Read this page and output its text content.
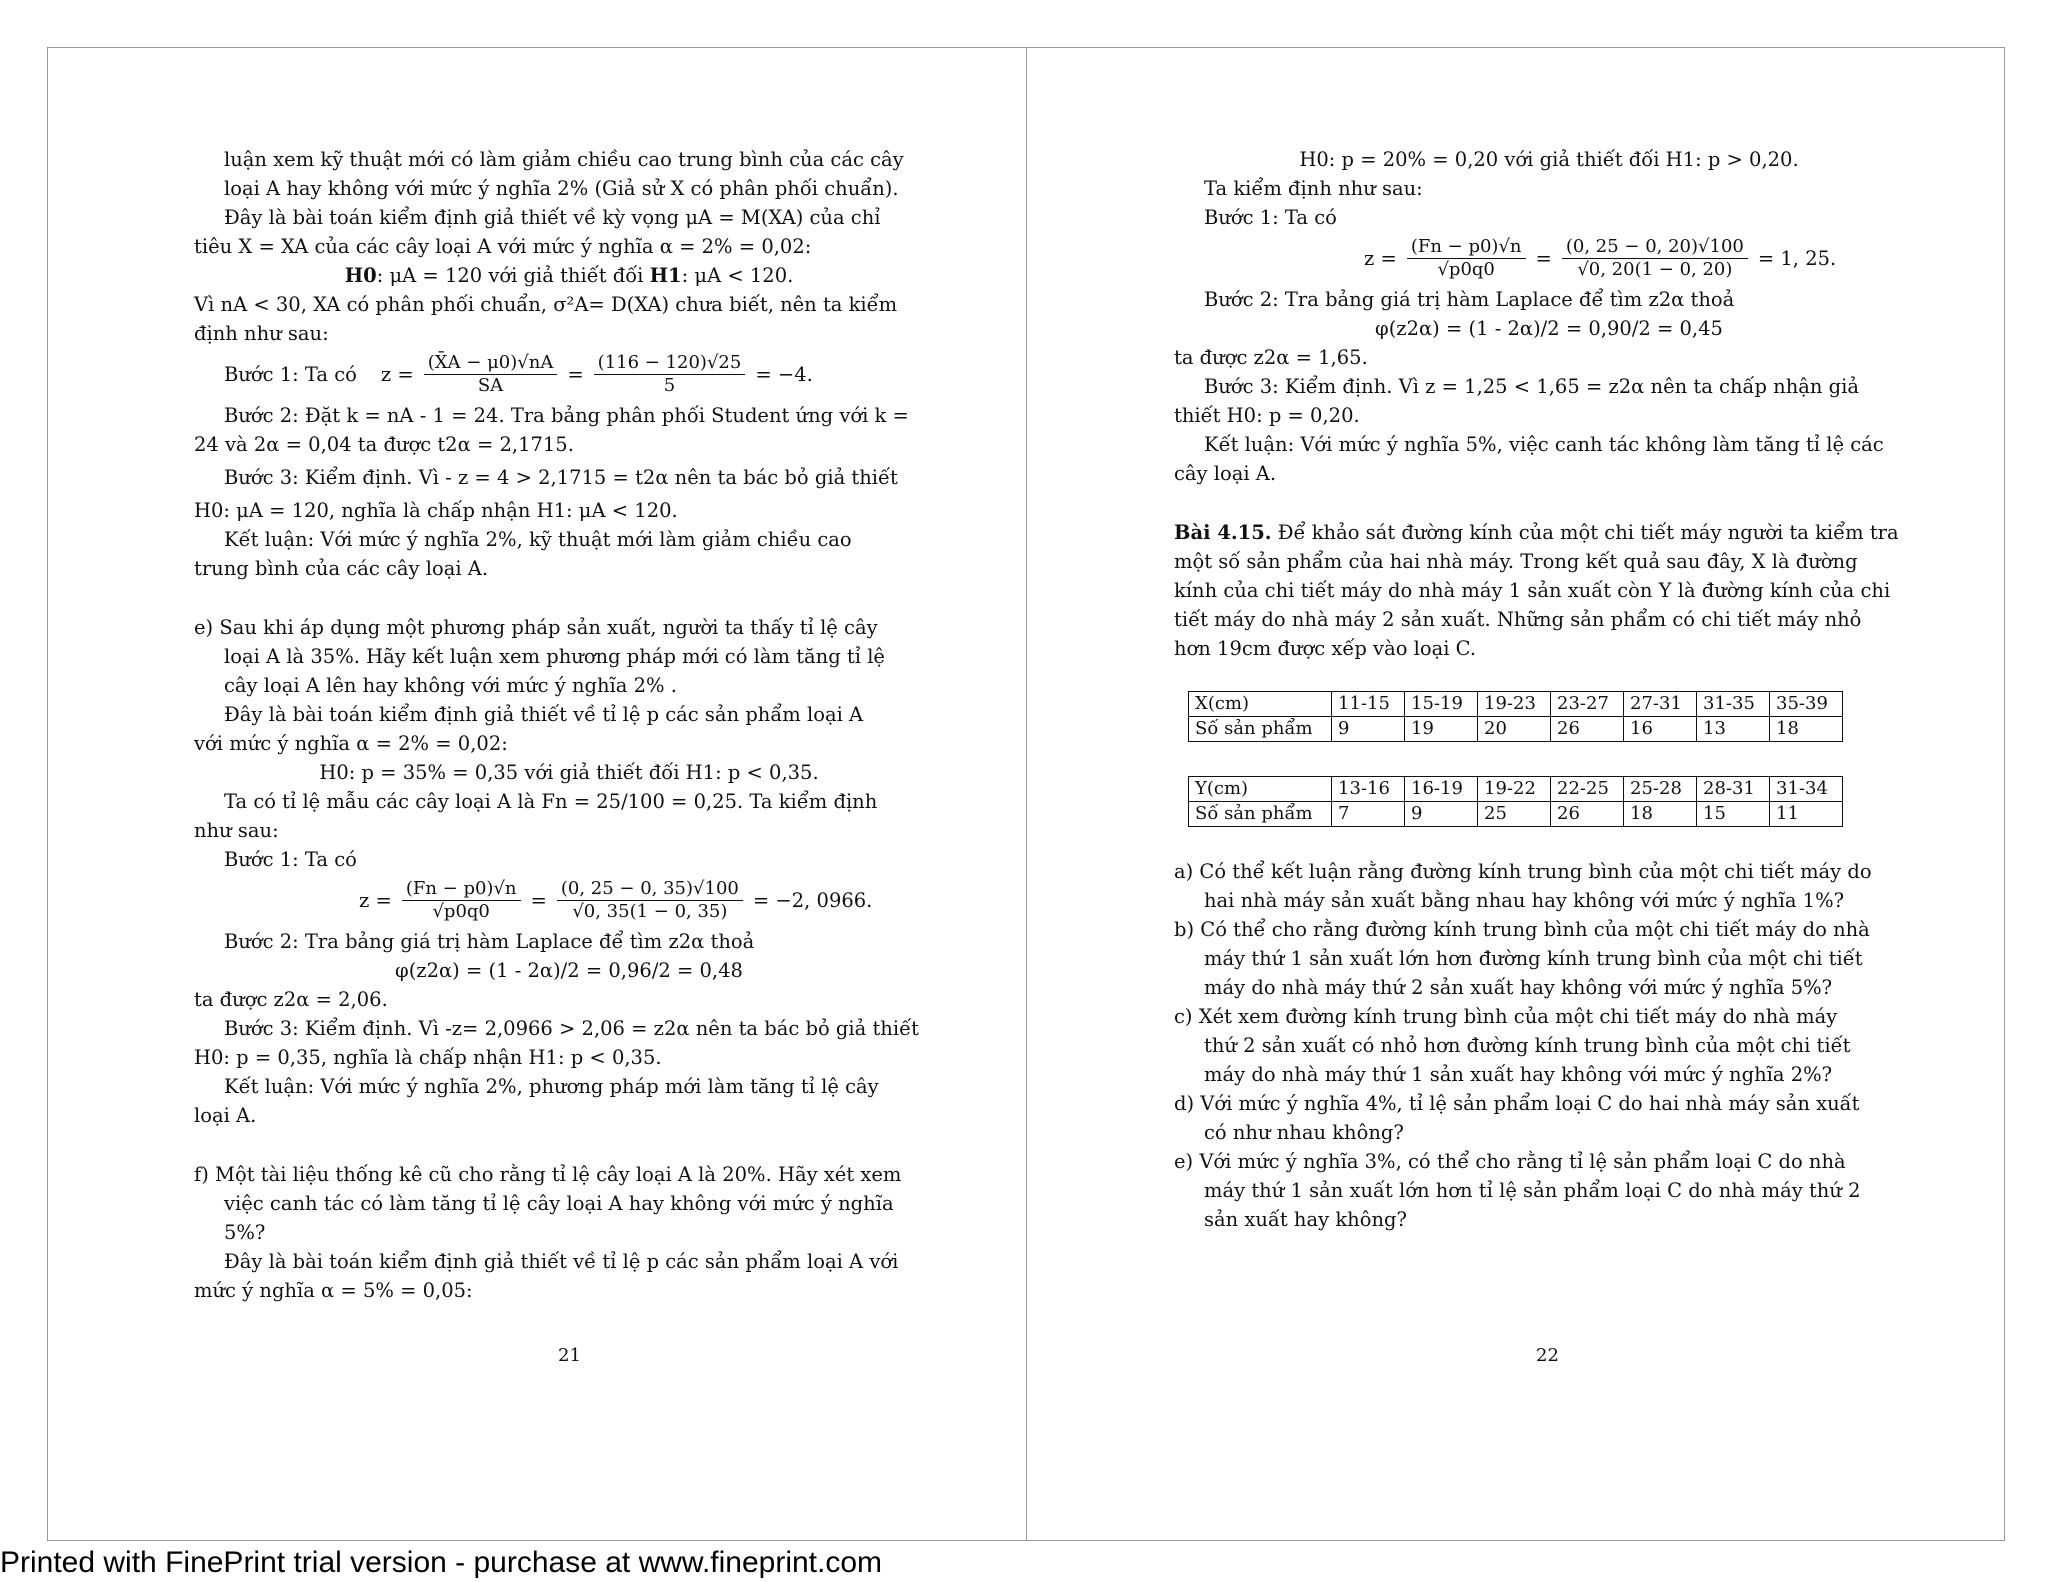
luận xem kỹ thuật mới có làm giảm chiều cao trung bình của các cây

loại A hay không với mức ý nghĩa 2% (Giả sử X có phân phối chuẩn).

Đây là bài toán kiểm định giả thiết về kỳ vọng μA = M(XA) của chỉ

tiêu X = XA của các cây loại A với mức ý nghĩa α = 2% = 0,02:

H0: μA = 120 với giả thiết đối H1: μA < 120.

Vì nA < 30, XA có phân phối chuẩn, σ²A= D(XA) chưa biết, nên ta kiểm

định như sau:

Bước 1: Ta có $z = \frac{(X̄A - \mu 0)√nA}{SA} = \frac{(116 - 120)√25}{5} = -4$.

Bước 2: Đặt k = nA - 1 = 24. Tra bảng phân phối Student ứng với k =

24 và 2α = 0,04 ta được t2α = 2,1715.

Bước 3: Kiểm định. Vì - z = 4 > 2,1715 = t2α nên ta bác bỏ giả thiết

H0: μA = 120, nghĩa là chấp nhận H1: μA < 120.

Kết luận: Với mức ý nghĩa 2%, kỹ thuật mới làm giảm chiều cao

trung bình của các cây loại A.

e) Sau khi áp dụng một phương pháp sản xuất, người ta thấy tỉ lệ cây

loại A là 35%. Hãy kết luận xem phương pháp mới có làm tăng tỉ lệ

cây loại A lên hay không với mức ý nghĩa 2% .

Đây là bài toán kiểm định giả thiết về tỉ lệ p các sản phẩm loại A

với mức ý nghĩa α = 2% = 0,02:

H0: p = 35% = 0,35 với giả thiết đối H1: p < 0,35.

Ta có tỉ lệ mẫu các cây loại A là Fn = 25/100 = 0,25. Ta kiểm định

như sau:

Bước 1: Ta có

$z = \frac{(Fn - p0)√n}{√p0q0} = \frac{(0, 25 - 0, 35)√100}{√0, 35(1 - 0, 35)} = -2$, 0966.

Bước 2: Tra bảng giá trị hàm Laplace để tìm z2α thoả

φ(z2α) = (1 - 2α)/2 = 0,96/2 = 0,48

ta được z2α = 2,06.

Bước 3: Kiểm định. Vì -z= 2,0966 > 2,06 = z2α nên ta bác bỏ giả thiết

H0: p = 0,35, nghĩa là chấp nhận H1: p < 0,35.

Kết luận: Với mức ý nghĩa 2%, phương pháp mới làm tăng tỉ lệ cây

loại A.

f) Một tài liệu thống kê cũ cho rằng tỉ lệ cây loại A là 20%. Hãy xét xem

việc canh tác có làm tăng tỉ lệ cây loại A hay không với mức ý nghĩa

5%?

Đây là bài toán kiểm định giả thiết về tỉ lệ p các sản phẩm loại A với

mức ý nghĩa α = 5% = 0,05:

21

H0: p = 20% = 0,20 với giả thiết đối H1: p > 0,20.

Ta kiểm định như sau:

Bước 1: Ta có

$z = \frac{(Fn - p0)√n}{√p0q0} = \frac{(0, 25 - 0, 20)√100}{√0, 20(1 - 0, 20)} = 1$, 25.

Bước 2: Tra bảng giá trị hàm Laplace để tìm z2α thoả

φ(z2α) = (1 - 2α)/2 = 0,90/2 = 0,45

ta được z2α = 1,65.

Bước 3: Kiểm định. Vì z = 1,25 < 1,65 = z2α nên ta chấp nhận giả

thiết H0: p = 0,20.

Kết luận: Với mức ý nghĩa 5%, việc canh tác không làm tăng tỉ lệ các

cây loại A.

Bài 4.15. Để khảo sát đường kính của một chi tiết máy người ta kiểm tra

một số sản phẩm của hai nhà máy. Trong kết quả sau đây, X là đường

kính của chi tiết máy do nhà máy 1 sản xuất còn Y là đường kính của chi

tiết máy do nhà máy 2 sản xuất. Những sản phẩm có chi tiết máy nhỏ

hơn 19cm được xếp vào loại C.

X(cm)	11-15	15-19	19-23	23-27	27-31	31-35	35-39
Số sản phẩm	9	19	20	26	16	13	18
Y(cm)	13-16	16-19	19-22	22-25	25-28	28-31	31-34
Số sản phẩm	7	9	25	26	18	15	11

a) Có thể kết luận rằng đường kính trung bình của một chi tiết máy do

hai nhà máy sản xuất bằng nhau hay không với mức ý nghĩa 1%?

b) Có thể cho rằng đường kính trung bình của một chi tiết máy do nhà

máy thứ 1 sản xuất lớn hơn đường kính trung bình của một chi tiết

máy do nhà máy thứ 2 sản xuất hay không với mức ý nghĩa 5%?

c) Xét xem đường kính trung bình của một chi tiết máy do nhà máy

thứ 2 sản xuất có nhỏ hơn đường kính trung bình của một chi tiết

máy do nhà máy thứ 1 sản xuất hay không với mức ý nghĩa 2%?

d) Với mức ý nghĩa 4%, tỉ lệ sản phẩm loại C do hai nhà máy sản xuất

có như nhau không?

e) Với mức ý nghĩa 3%, có thể cho rằng tỉ lệ sản phẩm loại C do nhà

máy thứ 1 sản xuất lớn hơn tỉ lệ sản phẩm loại C do nhà máy thứ 2

sản xuất hay không?

22
Printed with FinePrint trial version - purchase at www.fineprint.com
